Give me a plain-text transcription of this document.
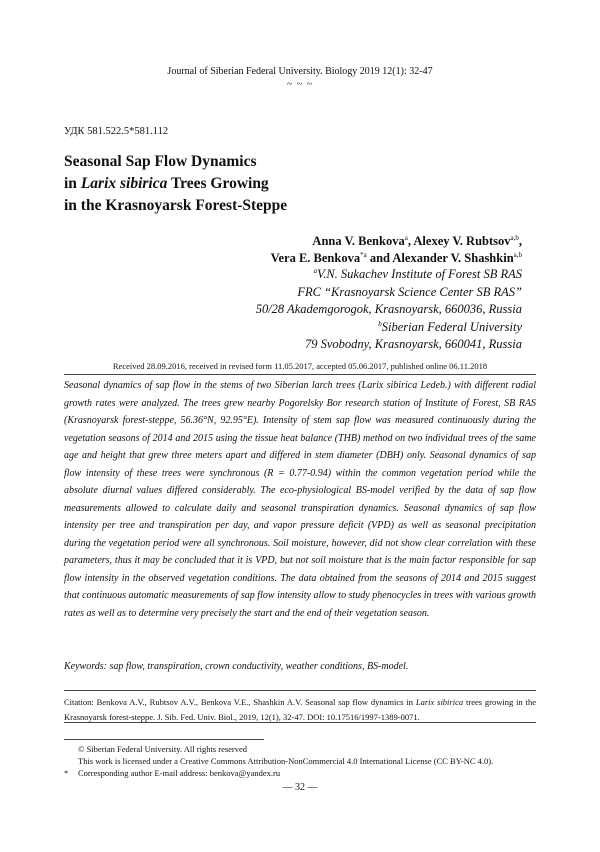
Journal of Siberian Federal University. Biology 2019 12(1): 32-47
~ ~ ~
УДК 581.522.5*581.112
Seasonal Sap Flow Dynamics
in Larix sibirica Trees Growing
in the Krasnoyarsk Forest-Steppe
Anna V. Benkova$^a$, Alexey V. Rubtsov$^{a,b}$,
Vera E. Benkova$^{*a}$ and Alexander V. Shashkin$^{a,b}$
$^a$V.N. Sukachev Institute of Forest SB RAS
FRC “Krasnoyarsk Science Center SB RAS”
50/28 Akademgorogok, Krasnoyarsk, 660036, Russia
$^b$Siberian Federal University
79 Svobodny, Krasnoyarsk, 660041, Russia
Received 28.09.2016, received in revised form 11.05.2017, accepted 05.06.2017, published online 06.11.2018
Seasonal dynamics of sap flow in the stems of two Siberian larch trees (Larix sibirica Ledeb.) with different radial growth rates were analyzed. The trees grew nearby Pogorelsky Bor research station of Institute of Forest, SB RAS (Krasnoyarsk forest-steppe, 56.36°N, 92.95°E). Intensity of stem sap flow was measured continuously during the vegetation seasons of 2014 and 2015 using the tissue heat balance (THB) method on two individual trees of the same age and height that grew three meters apart and differed in stem diameter (DBH) only. Seasonal dynamics of sap flow intensity of these trees were synchronous (R = 0.77-0.94) within the common vegetation period while the absolute diurnal values differed considerably. The eco-physiological BS-model verified by the data of sap flow measurements allowed to calculate daily and seasonal transpiration dynamics. Seasonal dynamics of sap flow intensity per tree and transpiration per day, and vapor pressure deficit (VPD) as well as seasonal precipitation during the vegetation period were all synchronous. Soil moisture, however, did not show clear correlation with these parameters, thus it may be concluded that it is VPD, but not soil moisture that is the main factor responsible for sap flow intensity in the observed vegetation conditions. The data obtained from the seasons of 2014 and 2015 suggest that continuous automatic measurements of sap flow intensity allow to study phenocycles in trees with various growth rates as well as to determine very precisely the start and the end of their vegetation season.
Keywords: sap flow, transpiration, crown conductivity, weather conditions, BS-model.
Citation: Benkova A.V., Rubtsov A.V., Benkova V.E., Shashkin A.V. Seasonal sap flow dynamics in Larix sibirica trees growing in the Krasnoyarsk forest-steppe. J. Sib. Fed. Univ. Biol., 2019, 12(1), 32-47. DOI: 10.17516/1997-1389-0071.
© Siberian Federal University. All rights reserved
This work is licensed under a Creative Commons Attribution-NonCommercial 4.0 International License (CC BY-NC 4.0).
* Corresponding author E-mail address: benkova@yandex.ru
— 32 —
